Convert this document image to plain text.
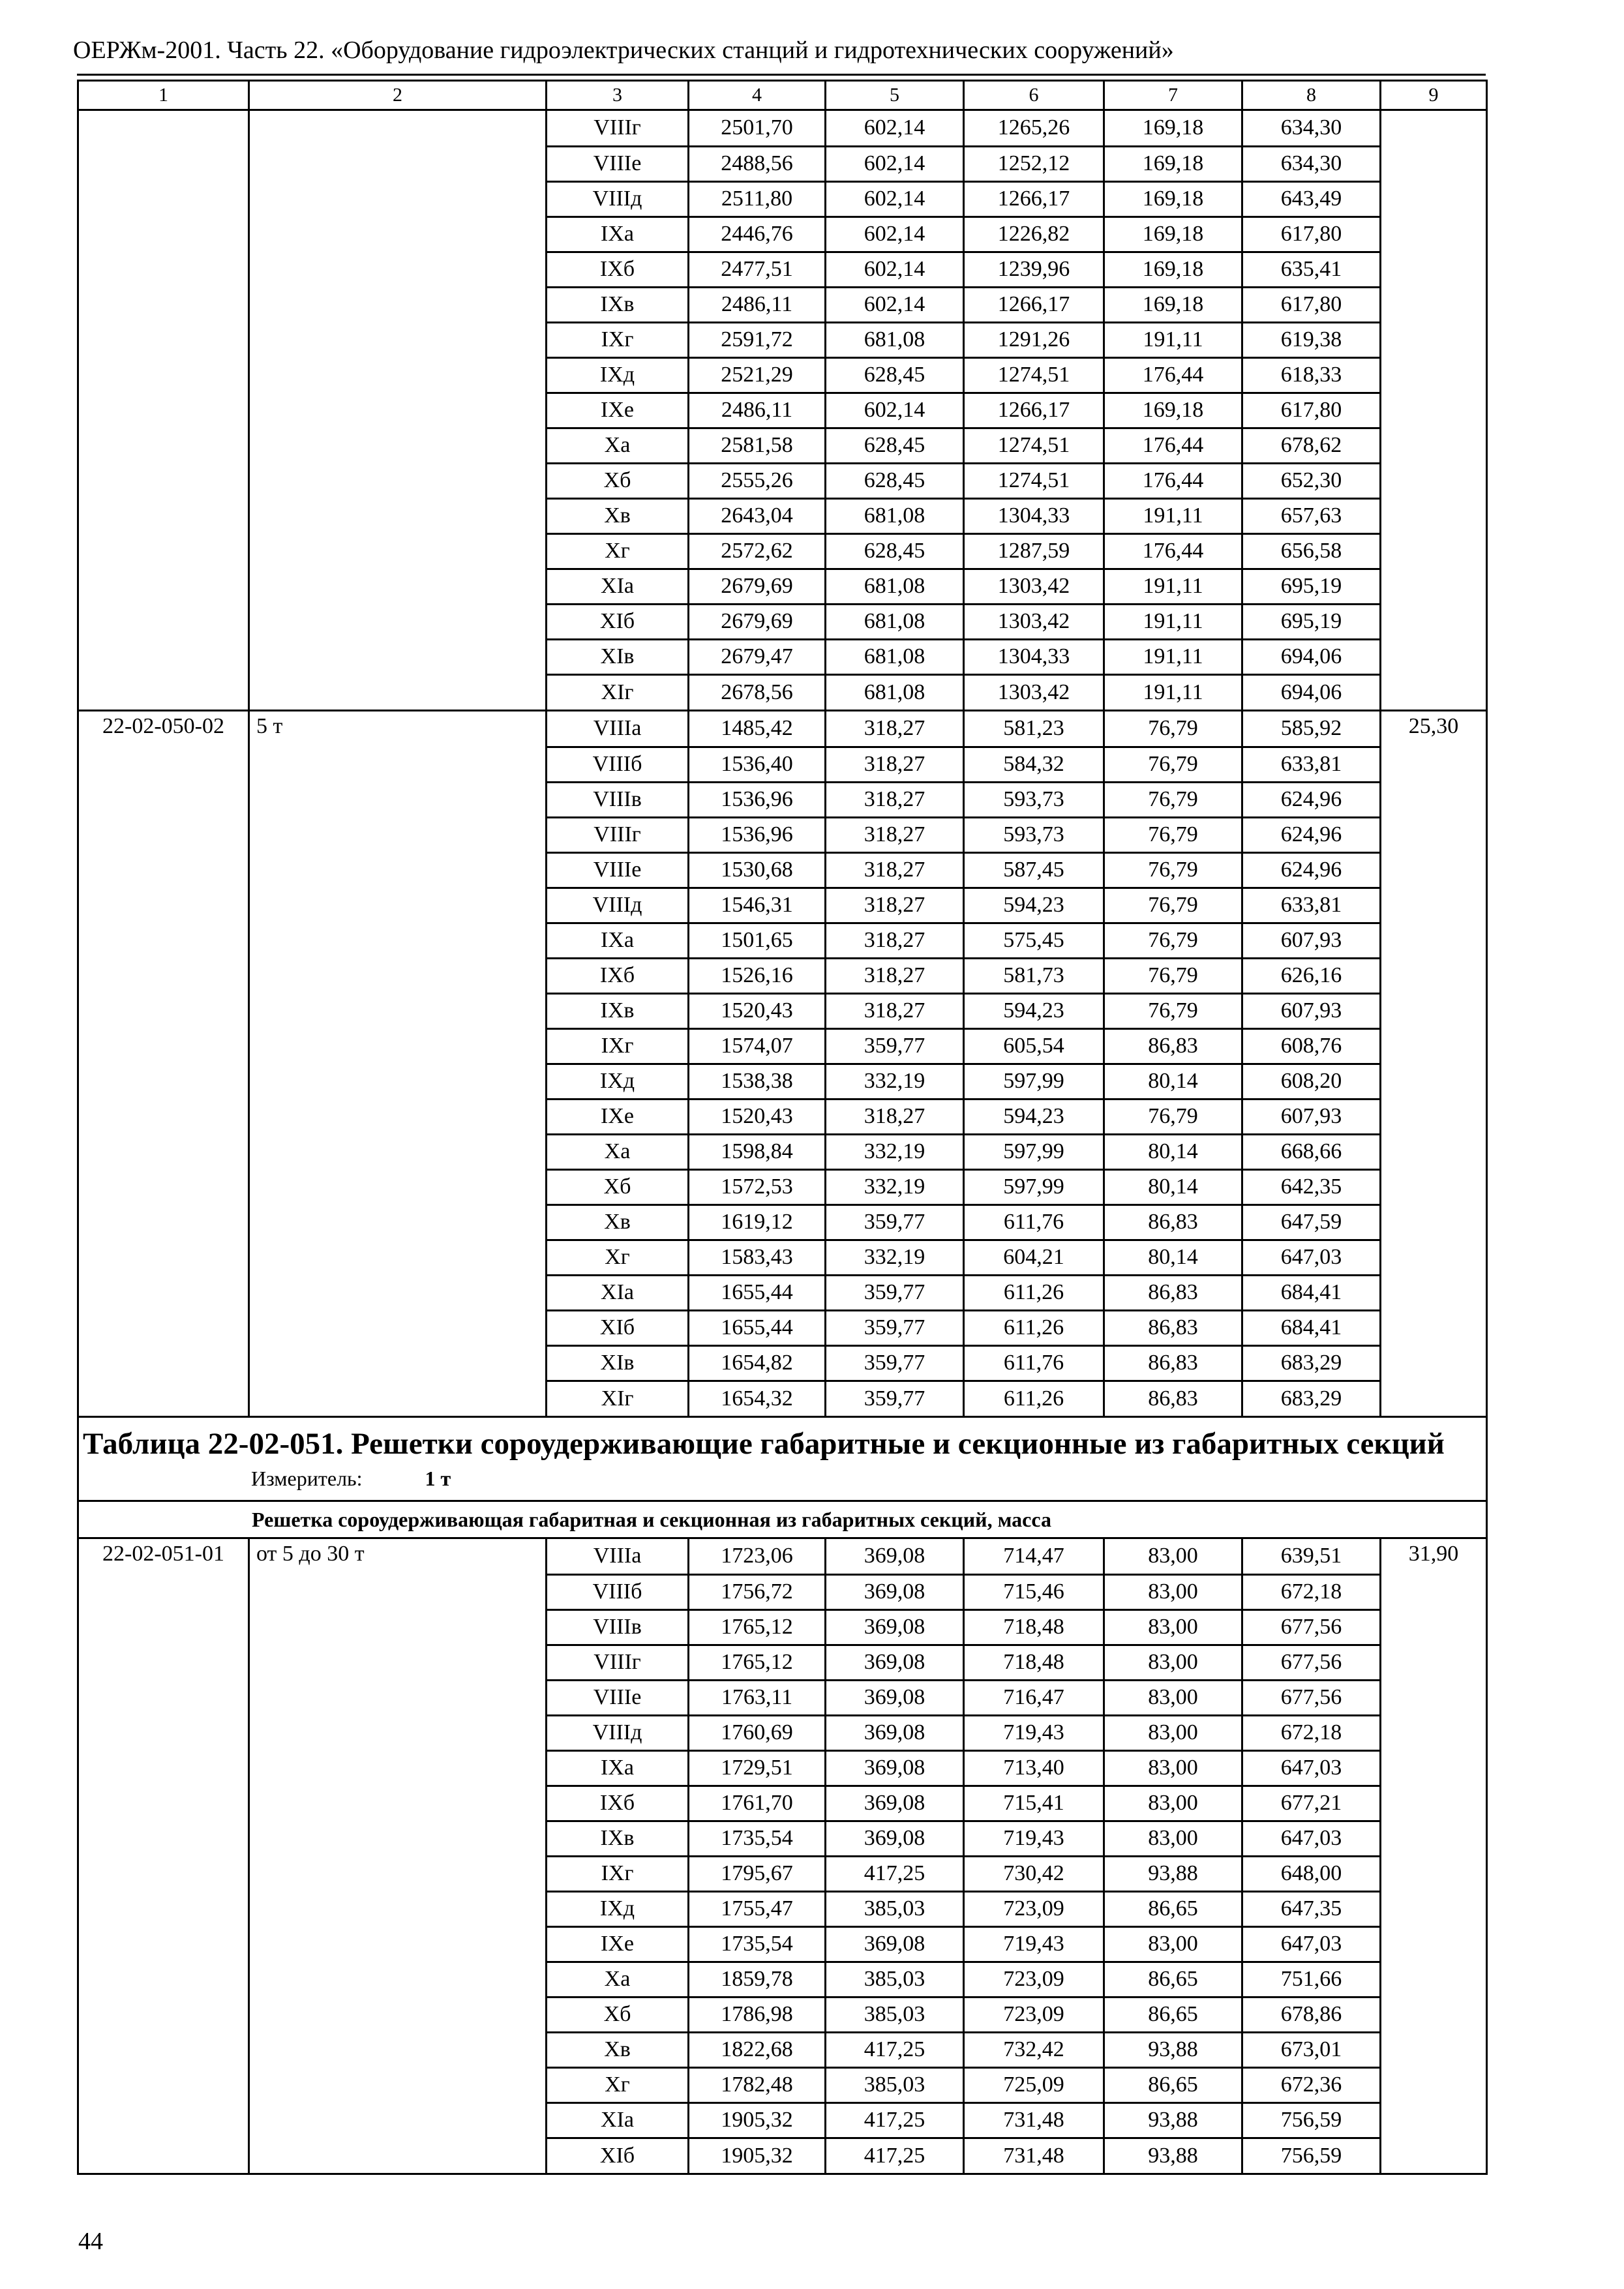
ОЕРЖм-2001. Часть 22. «Оборудование гидроэлектрических станций и гидротехнических сооружений»
1	2	3	4	5	6	7	8	9
		VIIIг	2501,70	602,14	1265,26	169,18	634,30	
		VIIIе	2488,56	602,14	1252,12	169,18	634,30	
		VIIIд	2511,80	602,14	1266,17	169,18	643,49	
		IXа	2446,76	602,14	1226,82	169,18	617,80	
		IXб	2477,51	602,14	1239,96	169,18	635,41	
		IXв	2486,11	602,14	1266,17	169,18	617,80	
		IXг	2591,72	681,08	1291,26	191,11	619,38	
		IXд	2521,29	628,45	1274,51	176,44	618,33	
		IXе	2486,11	602,14	1266,17	169,18	617,80	
		Xа	2581,58	628,45	1274,51	176,44	678,62	
		Xб	2555,26	628,45	1274,51	176,44	652,30	
		Xв	2643,04	681,08	1304,33	191,11	657,63	
		Xг	2572,62	628,45	1287,59	176,44	656,58	
		XIа	2679,69	681,08	1303,42	191,11	695,19	
		XIб	2679,69	681,08	1303,42	191,11	695,19	
		XIв	2679,47	681,08	1304,33	191,11	694,06	
		XIг	2678,56	681,08	1303,42	191,11	694,06	
22-02-050-02	5 т	VIIIа	1485,42	318,27	581,23	76,79	585,92	25,30
		VIIIб	1536,40	318,27	584,32	76,79	633,81	
		VIIIв	1536,96	318,27	593,73	76,79	624,96	
		VIIIг	1536,96	318,27	593,73	76,79	624,96	
		VIIIе	1530,68	318,27	587,45	76,79	624,96	
		VIIIд	1546,31	318,27	594,23	76,79	633,81	
		IXа	1501,65	318,27	575,45	76,79	607,93	
		IXб	1526,16	318,27	581,73	76,79	626,16	
		IXв	1520,43	318,27	594,23	76,79	607,93	
		IXг	1574,07	359,77	605,54	86,83	608,76	
		IXд	1538,38	332,19	597,99	80,14	608,20	
		IXе	1520,43	318,27	594,23	76,79	607,93	
		Xа	1598,84	332,19	597,99	80,14	668,66	
		Xб	1572,53	332,19	597,99	80,14	642,35	
		Xв	1619,12	359,77	611,76	86,83	647,59	
		Xг	1583,43	332,19	604,21	80,14	647,03	
		XIа	1655,44	359,77	611,26	86,83	684,41	
		XIб	1655,44	359,77	611,26	86,83	684,41	
		XIв	1654,82	359,77	611,76	86,83	683,29	
		XIг	1654,32	359,77	611,26	86,83	683,29	

Таблица 22-02-051. Решетки сороудерживающие габаритные и секционные из габаритных секций
Измеритель: 1 т								

Решетка сороудерживающая габаритная и секционная из габаритных секций, масса								
22-02-051-01	от 5 до 30 т	VIIIа	1723,06	369,08	714,47	83,00	639,51	31,90
		VIIIб	1756,72	369,08	715,46	83,00	672,18	
		VIIIв	1765,12	369,08	718,48	83,00	677,56	
		VIIIг	1765,12	369,08	718,48	83,00	677,56	
		VIIIе	1763,11	369,08	716,47	83,00	677,56	
		VIIIд	1760,69	369,08	719,43	83,00	672,18	
		IXа	1729,51	369,08	713,40	83,00	647,03	
		IXб	1761,70	369,08	715,41	83,00	677,21	
		IXв	1735,54	369,08	719,43	83,00	647,03	
		IXг	1795,67	417,25	730,42	93,88	648,00	
		IXд	1755,47	385,03	723,09	86,65	647,35	
		IXе	1735,54	369,08	719,43	83,00	647,03	
		Xа	1859,78	385,03	723,09	86,65	751,66	
		Xб	1786,98	385,03	723,09	86,65	678,86	
		Xв	1822,68	417,25	732,42	93,88	673,01	
		Xг	1782,48	385,03	725,09	86,65	672,36	
		XIа	1905,32	417,25	731,48	93,88	756,59	
		XIб	1905,32	417,25	731,48	93,88	756,59	
44
